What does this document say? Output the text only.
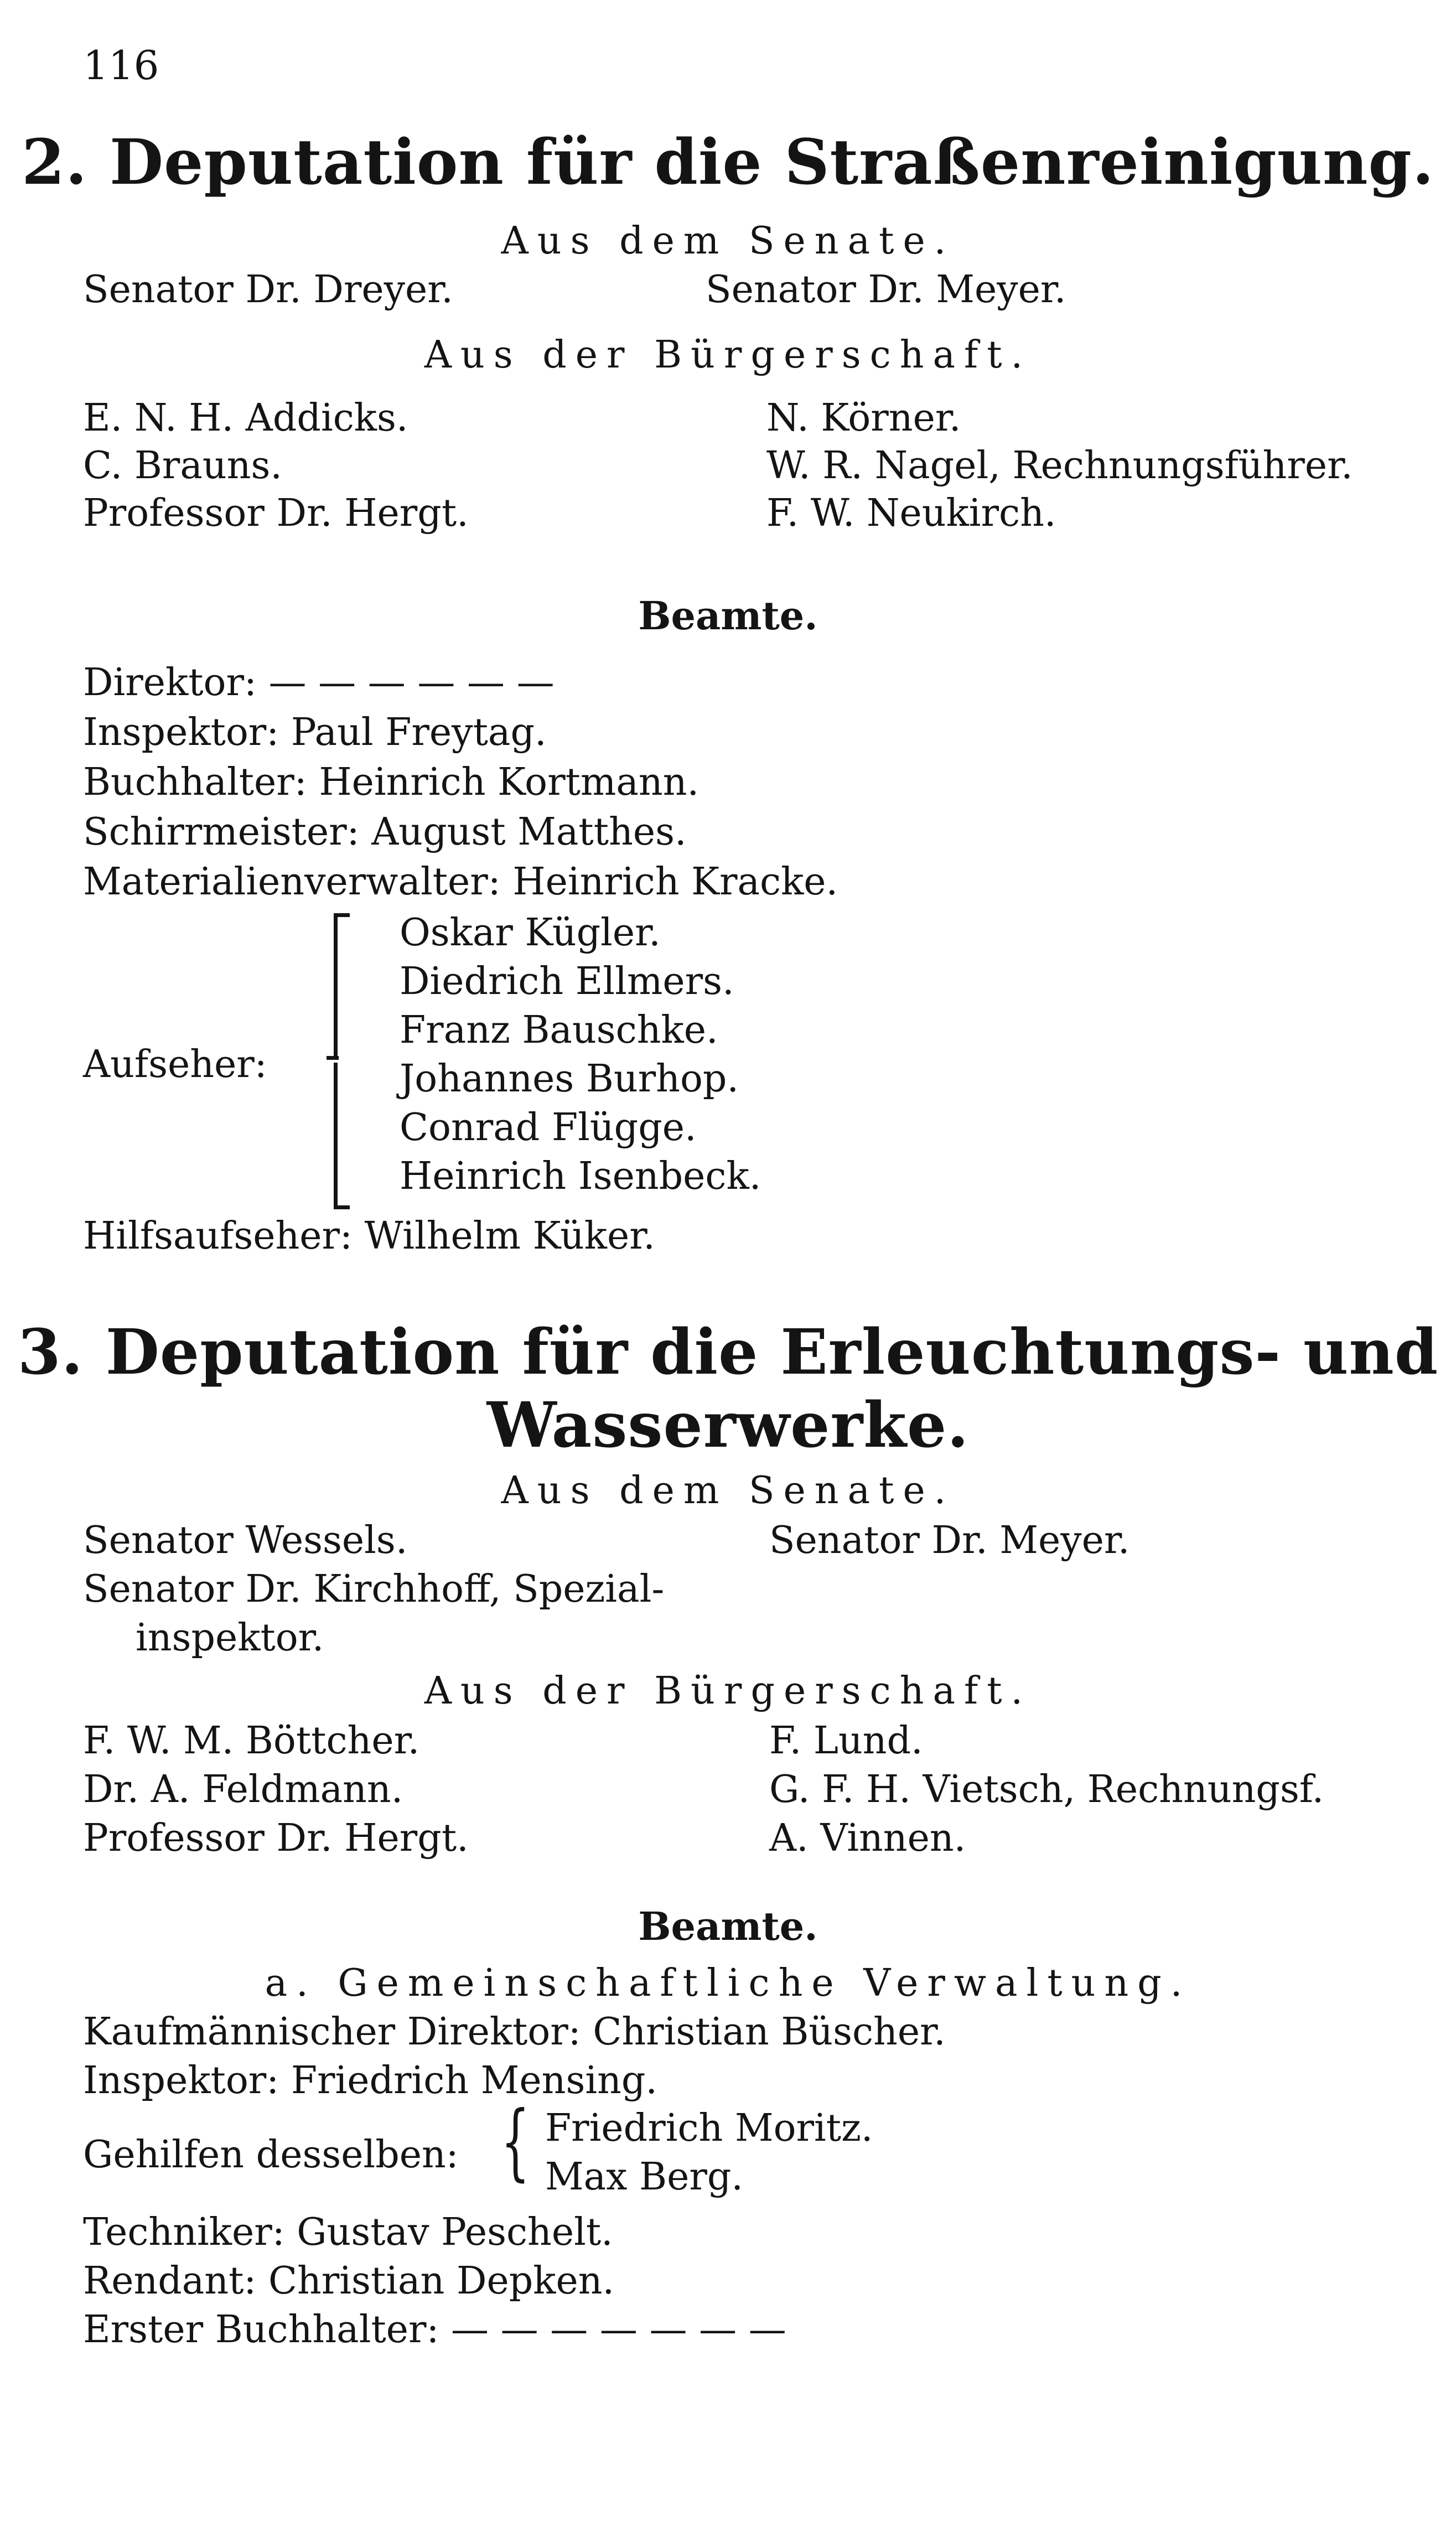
116
2. Deputation für die Straßenreinigung.
Aus dem Senate.
Senator Dr. Dreyer.	Senator Dr. Meyer.
Aus der Bürgerschaft.
E. N. H. Addicks.
C. Brauns.
Professor Dr. Hergt.
N. Körner.
W. R. Nagel, Rechnungsführer.
F. W. Neukirch.
Beamte.
Direktor: — — — — — —
Inspektor: Paul Freytag.
Buchhalter: Heinrich Kortmann.
Schirrmeister: August Matthes.
Materialienverwalter: Heinrich Kracke.
Aufseher:
Oskar Kügler.
Diedrich Ellmers.
Franz Bauschke.
Johannes Burhop.
Conrad Flügge.
Heinrich Isenbeck.
Hilfsaufseher: Wilhelm Küker.
3. Deputation für die Erleuchtungs- und
Wasserwerke.
Aus dem Senate.
Senator Wessels.	Senator Dr. Meyer.
Senator Dr. Kirchhoff, Spezial-
inspektor.
Aus der Bürgerschaft.
F. W. M. Böttcher.
Dr. A. Feldmann.
Professor Dr. Hergt.
F. Lund.
G. F. H. Vietsch, Rechnungsf.
A. Vinnen.
Beamte.
a. Gemeinschaftliche Verwaltung.
Kaufmännischer Direktor: Christian Büscher.
Inspektor: Friedrich Mensing.
Gehilfen desselben: { Friedrich Moritz.
Max Berg.
Techniker: Gustav Peschelt.
Rendant: Christian Depken.
Erster Buchhalter: — — — — — — —
